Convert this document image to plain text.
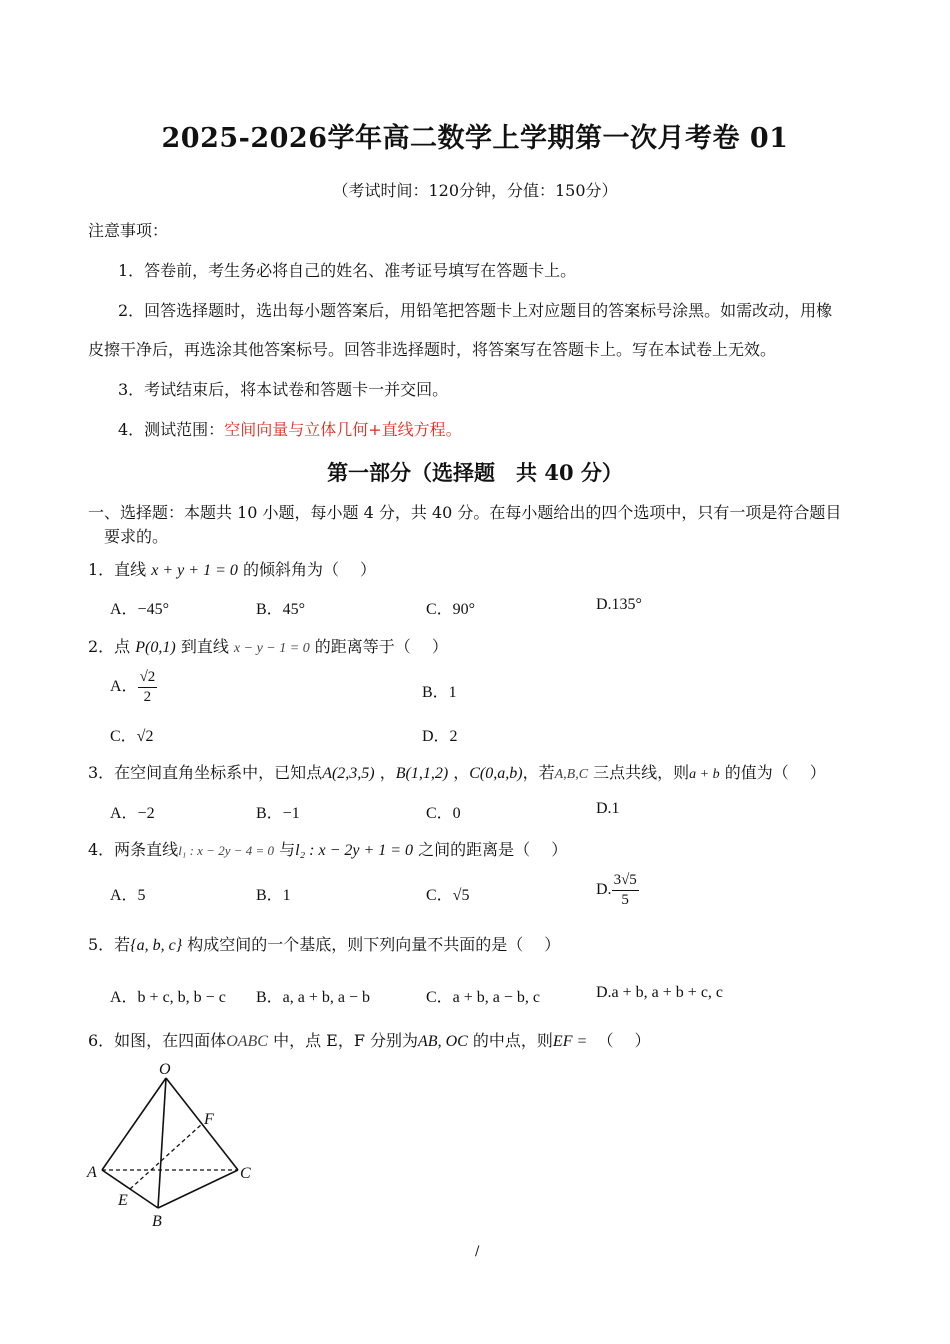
2025-2026学年高二数学上学期第一次月考卷 01
（考试时间：120分钟，分值：150分）
注意事项：
1．答卷前，考生务必将自己的姓名、准考证号填写在答题卡上。
2．回答选择题时，选出每小题答案后，用铅笔把答题卡上对应题目的答案标号涂黑。如需改动，用橡
皮擦干净后，再选涂其他答案标号。回答非选择题时，将答案写在答题卡上。写在本试卷上无效。
3．考试结束后，将本试卷和答题卡一并交回。
4．测试范围：空间向量与立体几何+直线方程。
第一部分（选择题　共 40 分）
一、选择题：本题共 10 小题，每小题 4 分，共 40 分。在每小题给出的四个选项中，只有一项是符合题目
要求的。
1．直线 x + y + 1 = 0 的倾斜角为（　 ）
A．−45°	B．45°	C．90°	D.135°
2．点 P(0,1) 到直线 x − y − 1 = 0 的距离等于（　 ）
A． $\frac{√2}{2}$	B．1
C．√2	D．2
3．在空间直角坐标系中，已知点A(2,3,5) ，B(1,1,2) ，C(0,a,b)，若A,B,C 三点共线，则a + b 的值为（　 ）
A．−2	B．−1	C．0	D.1
4．两条直线l₁ : x − 2y − 4 = 0 与l₂ : x − 2y + 1 = 0 之间的距离是（　 ）
A．5	B．1	C．√5	D. $\frac{3√5}{5}$
5．若{a, b, c} 构成空间的一个基底，则下列向量不共面的是（　 ）
A．b + c, b, b − c B．a, a + b, a − b	C．a + b, a − b, c	D.a + b, a + b + c, c
6．如图，在四面体OABC 中，点 E，F 分别为AB, OC 的中点，则EF = （　 ）
O
A
B
C
E
F
/
